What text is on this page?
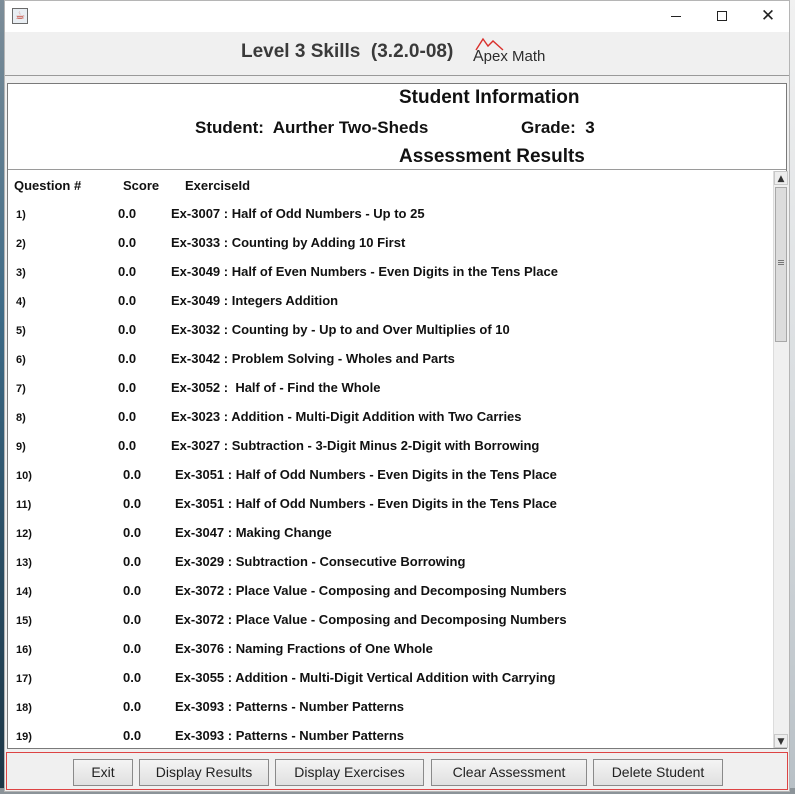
☕	✕
Level 3 Skills  (3.2.0-08) Apex Math
Student Information
Student: Aurther Two-Sheds	Grade: 3
Assessment Results
Question #	Score ExerciseId
1)	0.0	Ex-3007 : Half of Odd Numbers - Up to 25
2)	0.0	Ex-3033 : Counting by Adding 10 First
3)	0.0	Ex-3049 : Half of Even Numbers - Even Digits in the Tens Place
4)	0.0	Ex-3049 : Integers Addition
5)	0.0	Ex-3032 : Counting by - Up to and Over Multiplies of 10
6)	0.0	Ex-3042 : Problem Solving - Wholes and Parts
7)	0.0	Ex-3052 :  Half of - Find the Whole
8)	0.0	Ex-3023 : Addition - Multi-Digit Addition with Two Carries
9)	0.0	Ex-3027 : Subtraction - 3-Digit Minus 2-Digit with Borrowing
10)	0.0	Ex-3051 : Half of Odd Numbers - Even Digits in the Tens Place
11)	0.0	Ex-3051 : Half of Odd Numbers - Even Digits in the Tens Place
12)	0.0	Ex-3047 : Making Change
13)	0.0	Ex-3029 : Subtraction - Consecutive Borrowing
14)	0.0	Ex-3072 : Place Value - Composing and Decomposing Numbers
15)	0.0	Ex-3072 : Place Value - Composing and Decomposing Numbers
16)	0.0	Ex-3076 : Naming Fractions of One Whole
17)	0.0	Ex-3055 : Addition - Multi-Digit Vertical Addition with Carrying
18)	0.0	Ex-3093 : Patterns - Number Patterns
19)	0.0	Ex-3093 : Patterns - Number Patterns
▲
▼
Exit	Display Results	Display Exercises	Clear Assessment	Delete Student
